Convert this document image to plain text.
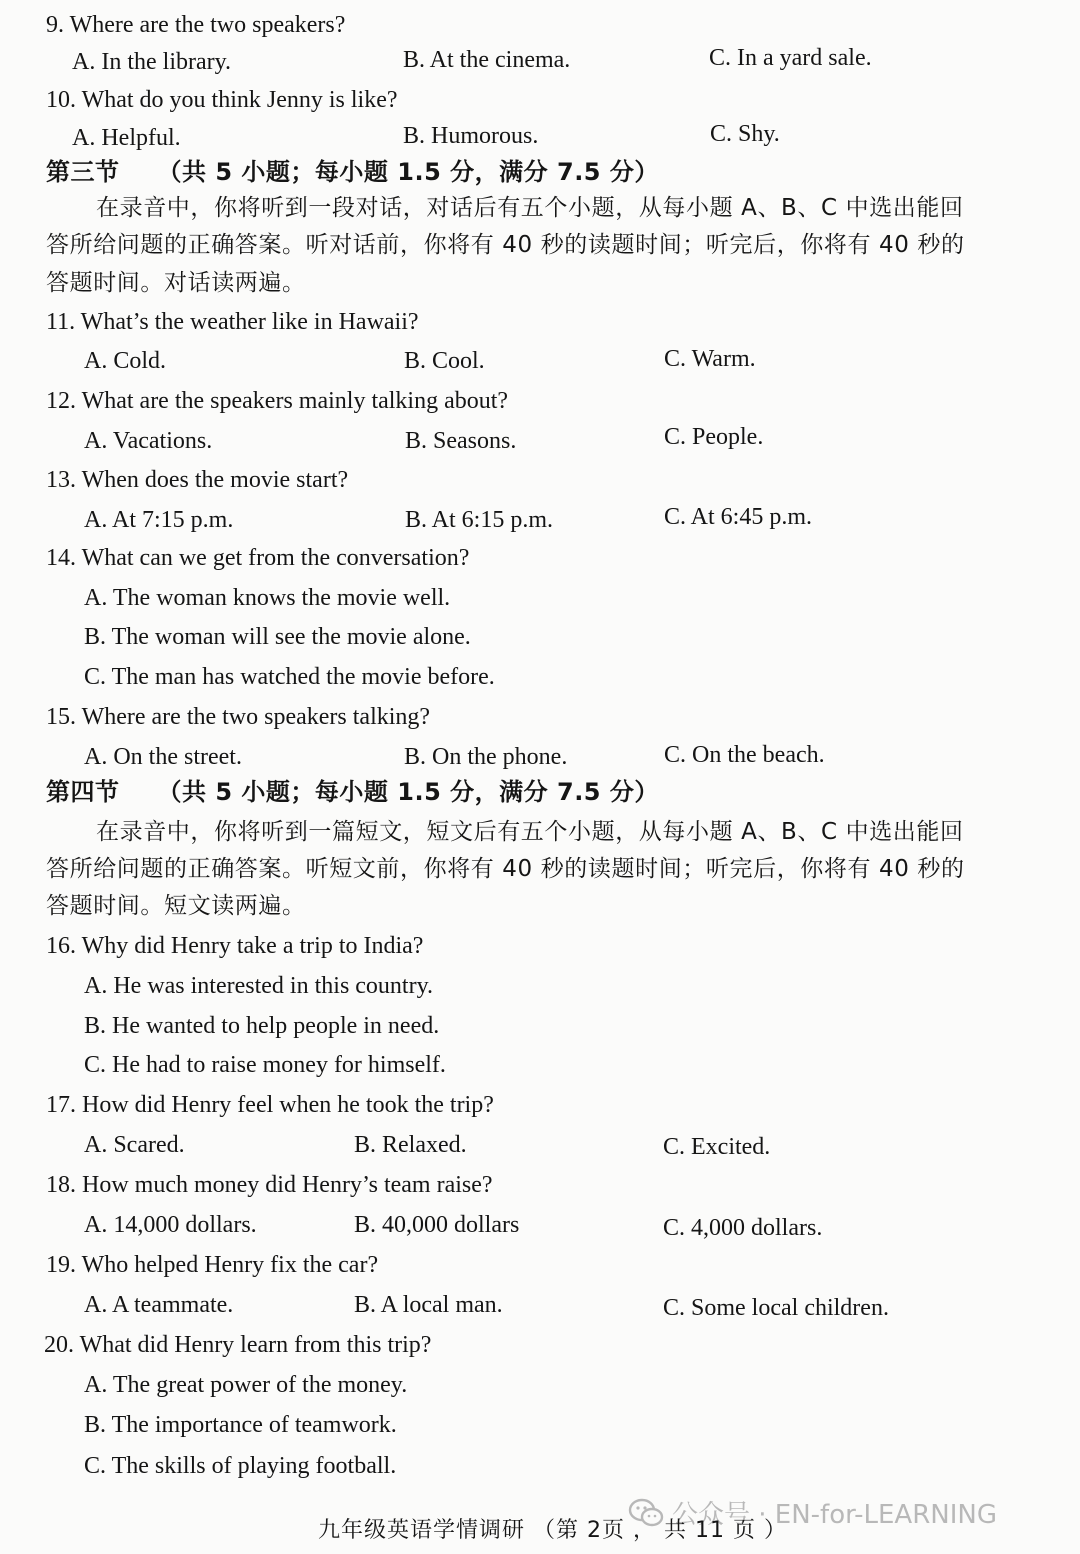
9. Where are the two speakers?
A. In the library.	B. At the cinema.	C. In a yard sale.
10. What do you think Jenny is like?
A. Helpful.	B. Humorous.	C. Shy.
第三节 （共 5 小题；每小题 1.5 分，满分 7.5 分）
在录音中，你将听到一段对话，对话后有五个小题，从每小题 A、B、C 中选出能回
答所给问题的正确答案。听对话前，你将有 40 秒的读题时间；听完后，你将有 40 秒的
答题时间。对话读两遍。
11. What’s the weather like in Hawaii?
A. Cold.	B. Cool.	C. Warm.
12. What are the speakers mainly talking about?
A. Vacations.	B. Seasons.	C. People.
13. When does the movie start?
A. At 7:15 p.m.	B. At 6:15 p.m.	C. At 6:45 p.m.
14. What can we get from the conversation?
A. The woman knows the movie well.
B. The woman will see the movie alone.
C. The man has watched the movie before.
15. Where are the two speakers talking?
A. On the street.	B. On the phone.	C. On the beach.
第四节 （共 5 小题；每小题 1.5 分，满分 7.5 分）
在录音中，你将听到一篇短文，短文后有五个小题，从每小题 A、B、C 中选出能回
答所给问题的正确答案。听短文前，你将有 40 秒的读题时间；听完后，你将有 40 秒的
答题时间。短文读两遍。
16. Why did Henry take a trip to India?
A. He was interested in this country.
B. He wanted to help people in need.
C. He had to raise money for himself.
17. How did Henry feel when he took the trip?
A. Scared.	B. Relaxed.	C. Excited.
18. How much money did Henry’s team raise?
A. 14,000 dollars.	B. 40,000 dollars	C. 4,000 dollars.
19. Who helped Henry fix the car?
A. A teammate.	B. A local man.	C. Some local children.
20. What did Henry learn from this trip?
A. The great power of the money.
B. The importance of teamwork.
C. The skills of playing football.
公众号 · EN-for-LEARNING
九年级英语学情调研 （第 2页 ， 共 11 页 ）
